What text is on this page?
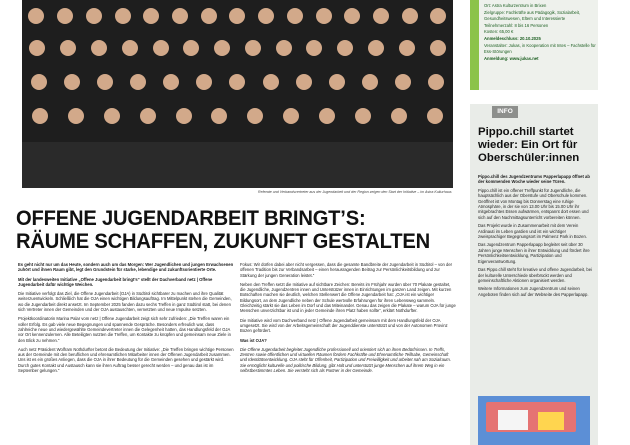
Referate und Verbandsvertreter aus der Jugendarbeit und der Region zeigen den Start der Initiative – im Astra Kulturhaus
OFFENE JUGENDARBEIT BRINGT’S: RÄUME SCHAFFEN, ZUKUNFT GESTALTEN

Es geht nicht nur um das Heute, sondern auch um das Morgen: Wer Jugendlichen und jungen Erwachsenen zuhört und ihnen Raum gibt, legt den Grundstein für starke, lebendige und zukunftsorientierte Orte.

Mit der landesweiten Initiative „Offene Jugendarbeit bringt’s“ stellt der Dachverband netz | Offene Jugendarbeit dafür wichtige Weichen.

Die Initiative verfolgt das Ziel, die Offene Jugendarbeit (OJA) in Südtirol sichtbarer zu machen und ihre Qualität weiterzuentwickeln. Schließlich hat die OJA einen wichtigen Bildungsauftrag. Im Mittelpunkt stehen die Gemeinden, wo die Jugendarbeit direkt ansetzt. Im September 2025 fanden dazu sechs Treffen in ganz Südtirol statt, bei denen sich Vertreter innen der Gemeinden und der OJA austauschten, vernetzten und neue Impulse setzten.

Projektkoordinatorin Marina Palar vom netz | Offene Jugendarbeit zeigt sich sehr zufrieden: „Die Treffen waren ein voller Erfolg. Es gab viele neue Begegnungen und spannende Gespräche. Besonders erfreulich war, dass zahlreiche neue und wiedergewählte Gemeindevertreter innen die Gelegenheit hatten, das Handlungsfeld der OJA vor Ort kennenzulernen. Alle Beteiligten nutzten die Treffen, um Kontakte zu knüpfen und gemeinsam neue Ziele in den Blick zu nehmen.“

Auch netz Präsident Wolfram Nothdurfter betont die Bedeutung der Initiative: „Die Treffen bringen wichtige Personen aus der Gemeinde mit den beruflichen und ehrenamtlichen Mitarbeiter innen der Offenen Jugendarbeit zusammen. Uns ist es ein großes Anliegen, dass die OJA in ihrer Bedeutung für die Gemeinden gesehen und gestärkt wird. Durch gutes Kontakt und Austausch kann sie ihren Auftrag besser gerecht werden – und genau das ist im September gelungen.“

Fokus: Wir dürfen dabei aber nicht vergessen, dass die gesamte Bandbreite der Jugendarbeit in Südtirol – von der offenen Tradition bis zur Verbandsarbeit – einen herausragenden Beitrag zur Persönlichkeitsbildung und zur Stärkung der jungen Generation leistet.“

Neben den Treffen setzt die Initiative auf sichtbare Zeichen: Bereits im Frühjahr wurden über 70 Plakate gestaltet, die Jugendliche, Jugendzentren innen und Unterstützer innen in Einrichtungen im ganzen Land zeigen. Mit kurzen Botschaften machen sie deutlich, welchen Stellenwert die Offene Jugendarbeit hat: „OJA ist ein wichtiger Bildungsort, an dem Jugendliche neben der Schule wertvolle Erfahrungen für ihren Lebensweg sammeln. Gleichzeitig stärkt sie das Leben im Dorf und das Miteinander. Genau das zeigen die Plakate – warum OJA für junge Menschen unverzichtbar ist und in jeder Gemeinde ihren Platz haben sollte“, erklärt Nothdurfter.

Die Initiative wird vom Dachverband netz | Offene Jugendarbeit gemeinsam mit dem Handlungsfeld der OJA umgesetzt. Sie wird von der Arbeitsgemeinschaft der Jugenddienste unterstützt und von der Autonomen Provinz Bozen gefördert.

Was ist OJA?

Die Offene Jugendarbeit begleitet Jugendliche professionell und orientiert sich an ihren Bedürfnissen. In Treffs, Zentren sowie öffentlichen und virtuellen Räumen fördern Fachkräfte und Ehrenamtliche Teilhabe, Gemeinschaft und Identitätsentwicklung. OJA steht für Offenheit, Partizipation und Freiwilligkeit und arbeitet nah am Sozialraum. Sie ermöglicht kulturelle und politische Bildung, gibt Halt und unterstützt junge Menschen auf ihrem Weg in ein selbstbestimmtes Leben. Sie versteht sich als Partner in der Gemeinde.

Ort: Astra Kulturzentrum in Brixen
Zielgruppe: Fachkräfte aus Pädagogik, Sozialarbeit, Gesundheitswesen, Eltern und Interessierte
Teilnehmerzahl: 8 bis 16 Personen
Kosten: 65,00 €
Anmeldeschluss: 20.10.2025
Veranstalter: Jukas, in Kooperation mit Intes – Fachstelle für Ess-Störungen
Anmeldung: www.jukas.net
INFO
Pippo.chill startet wieder: Ein Ort für Oberschüler:innen

Pippo.chill des Jugendzentrums Papperlapapp öffnet ab der kommenden Woche wieder seine Türen.

Pippo.chill ist ein offener Treffpunkt für Jugendliche, die hauptsächlich aus der Oberstufe und Oberschule kommen. Geöffnet ist von Montag bis Donnerstag eine ruhige Atmosphäre, in der sie von 13.00 Uhr bis 15.00 Uhr ihr mitgebrachtes Essen aufwärmen, entspannt dort essen und sich auf den Nachmittagsunterricht vorbereiten können.

Das Projekt wurde in Zusammenarbeit mit dem Verein Ardinauti im Leben gardien und ist ein wichtiger zweisprachiger Begegnungsort im Palmenz Park in Bozen.

Das Jugendzentrum Papperlapapp begleitet seit über 30 Jahren junge Menschen in ihrer Entwicklung und fördert ihre Persönlichkeitsentwicklung, Partizipation und Eigenverantwortung.

Das Pippo.chill steht für kreative und offene Jugendarbeit, bei der kulturelle Unterschiede überbrückt werden und gemeinschaftliche Aktionen organisiert werden.

Weitere Informationen zum Jugendzentrum und seinen Angeboten finden sich auf der Webseite des Papperlapapp.
